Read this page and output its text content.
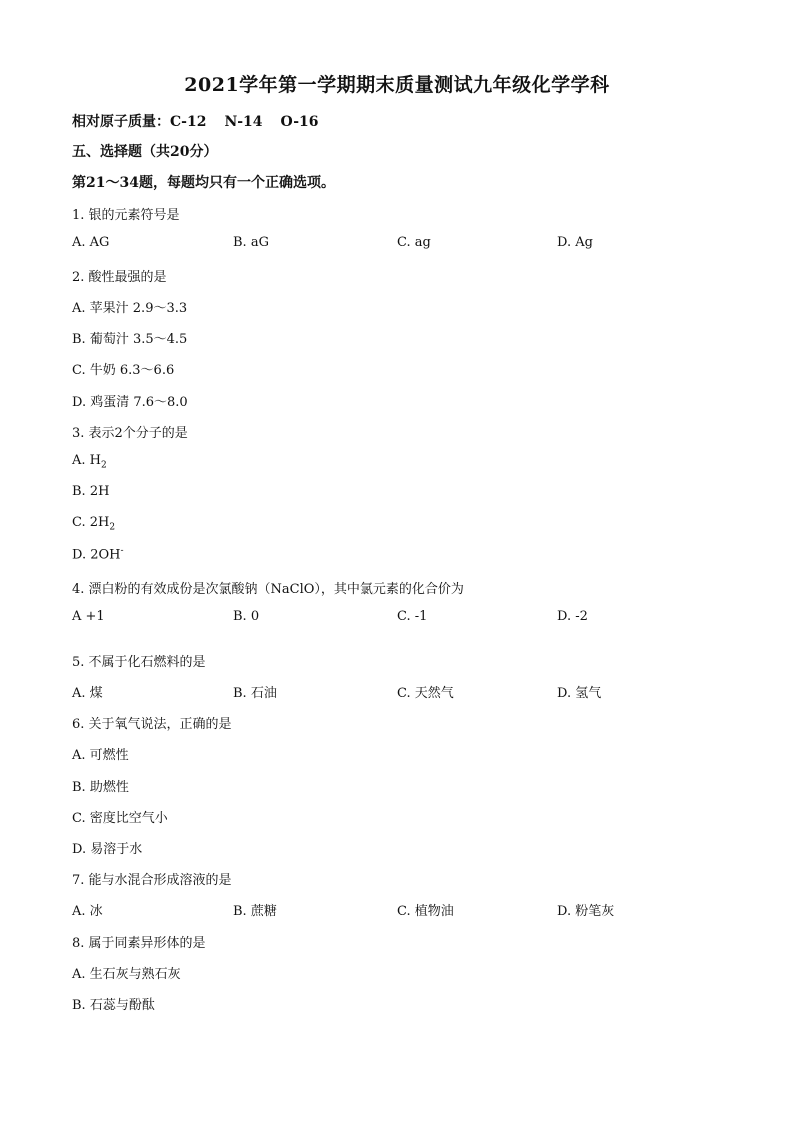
2021学年第一学期期末质量测试九年级化学学科
相对原子质量：C-12 N-14 O-16
五、选择题（共20分）
第21～34题，每题均只有一个正确选项。
1. 银的元素符号是
A. AG	B. aG	C. ag	D. Ag
2. 酸性最强的是
A. 苹果汁 2.9～3.3
B. 葡萄汁 3.5～4.5
C. 牛奶 6.3～6.6
D. 鸡蛋清 7.6～8.0
3. 表示2个分子的是
A. $H_2$
B. 2H
C. $2H_2$
D. 2OH-
4. 漂白粉的有效成份是次氯酸钠（NaClO），其中氯元素的化合价为
A +1	B. 0	C. -1	D. -2
5. 不属于化石燃料的是
A. 煤	B. 石油	C. 天然气	D. 氢气
6. 关于氧气说法，正确的是
A. 可燃性
B. 助燃性
C. 密度比空气小
D. 易溶于水
7. 能与水混合形成溶液的是
A. 冰	B. 蔗糖	C. 植物油	D. 粉笔灰
8. 属于同素异形体的是
A. 生石灰与熟石灰
B. 石蕊与酚酞
